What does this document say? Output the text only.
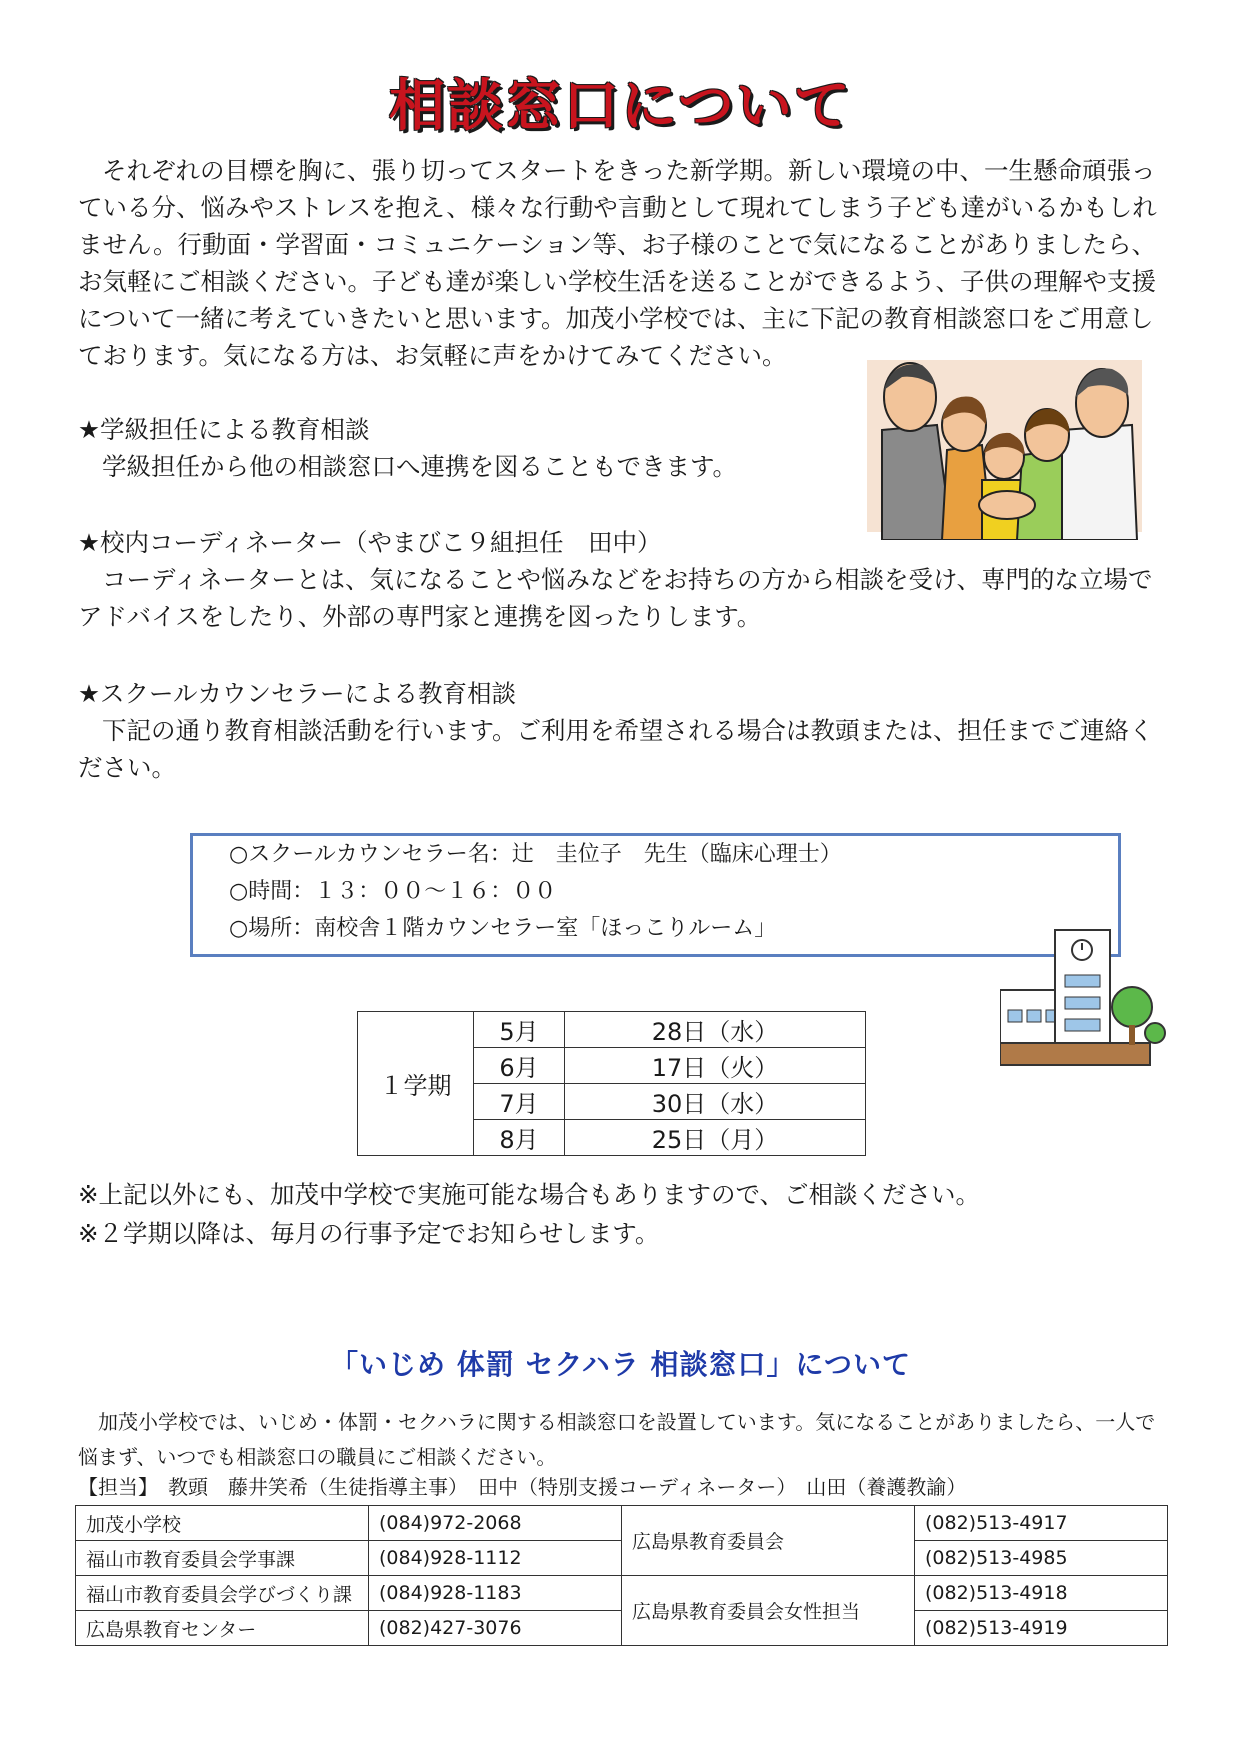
相談窓口について
それぞれの目標を胸に、張り切ってスタートをきった新学期。新しい環境の中、一生懸命頑張っている分、悩みやストレスを抱え、様々な行動や言動として現れてしまう子ども達がいるかもしれません。行動面・学習面・コミュニケーション等、お子様のことで気になることがありましたら、お気軽にご相談ください。子ども達が楽しい学校生活を送ることができるよう、子供の理解や支援について一緒に考えていきたいと思います。加茂小学校では、主に下記の教育相談窓口をご用意しております。気になる方は、お気軽に声をかけてみてください。
★学級担任による教育相談
学級担任から他の相談窓口へ連携を図ることもできます。
★校内コーディネーター（やまびこ９組担任　田中）
コーディネーターとは、気になることや悩みなどをお持ちの方から相談を受け、専門的な立場でアドバイスをしたり、外部の専門家と連携を図ったりします。
★スクールカウンセラーによる教育相談
下記の通り教育相談活動を行います。ご利用を希望される場合は教頭または、担任までご連絡ください。
○スクールカウンセラー名：辻　圭位子　先生（臨床心理士）
○時間：１３：００～１６：００
○場所：南校舎１階カウンセラー室「ほっこりルーム」
１学期	5月	28日（水）
	6月	17日（火）
	7月	30日（水）
	8月	25日（月）
※上記以外にも、加茂中学校で実施可能な場合もありますので、ご相談ください。
※２学期以降は、毎月の行事予定でお知らせします。
「いじめ 体罰 セクハラ 相談窓口」について
加茂小学校では、いじめ・体罰・セクハラに関する相談窓口を設置しています。気になることがありましたら、一人で悩まず、いつでも相談窓口の職員にご相談ください。
【担当】　教頭　藤井笑希（生徒指導主事）　田中（特別支援コーディネーター）　山田（養護教諭）
加茂小学校	(084)972-2068	広島県教育委員会	(082)513-4917
福山市教育委員会学事課	(084)928-1112		(082)513-4985
福山市教育委員会学びづくり課	(084)928-1183	広島県教育委員会女性担当	(082)513-4918
広島県教育センター	(082)427-3076		(082)513-4919
